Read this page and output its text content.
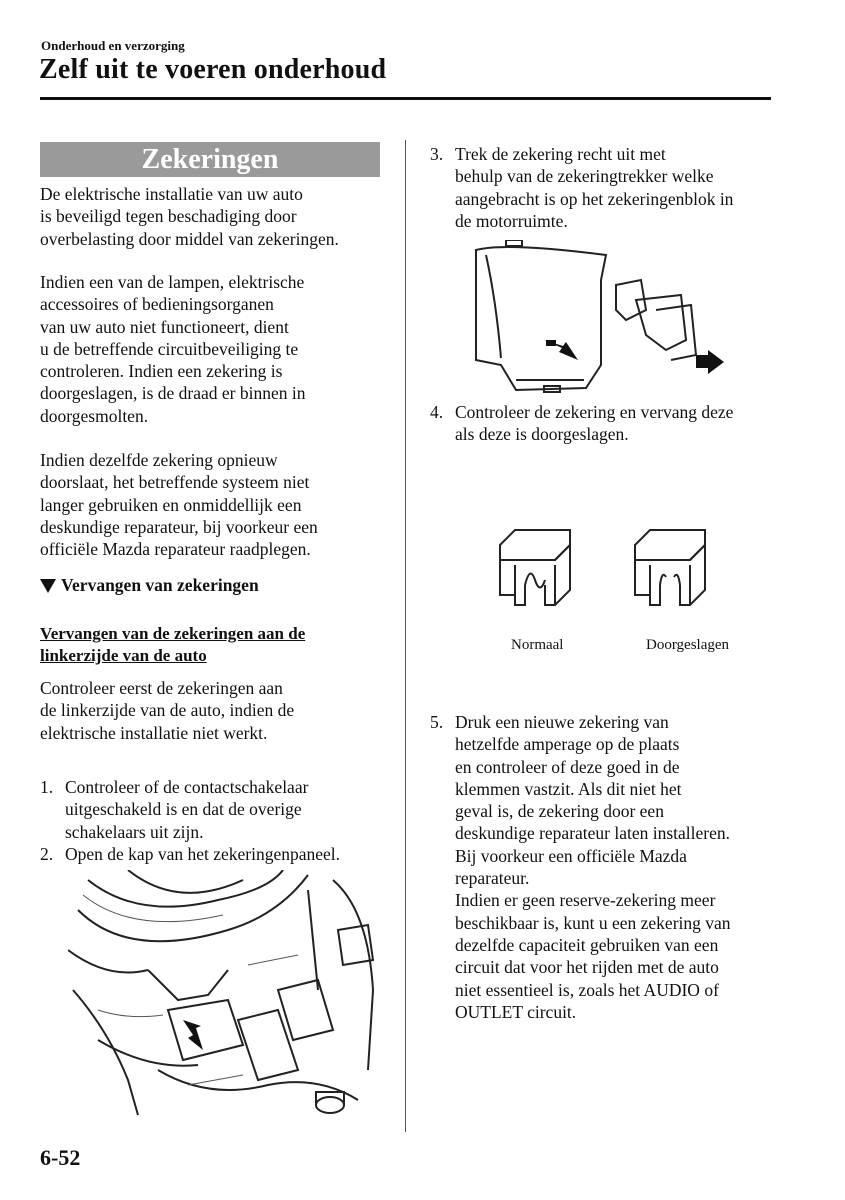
Onderhoud en verzorging
Zelf uit te voeren onderhoud
Zekeringen
De elektrische installatie van uw auto
is beveiligd tegen beschadiging door
overbelasting door middel van zekeringen.
Indien een van de lampen, elektrische
accessoires of bedieningsorganen
van uw auto niet functioneert, dient
u de betreffende circuitbeveiliging te
controleren. Indien een zekering is
doorgeslagen, is de draad er binnen in
doorgesmolten.
Indien dezelfde zekering opnieuw
doorslaat, het betreffende systeem niet
langer gebruiken en onmiddellijk een
deskundige reparateur, bij voorkeur een
officiële Mazda reparateur raadplegen.
Vervangen van zekeringen
Vervangen van de zekeringen aan de
linkerzijde van de auto
Controleer eerst de zekeringen aan
de linkerzijde van de auto, indien de
elektrische installatie niet werkt.
1. Controleer of de contactschakelaar
uitgeschakeld is en dat de overige
schakelaars uit zijn.
2. Open de kap van het zekeringenpaneel.
3. Trek de zekering recht uit met
behulp van de zekeringtrekker welke
aangebracht is op het zekeringenblok in
de motorruimte.
4. Controleer de zekering en vervang deze
als deze is doorgeslagen.
Normaal	Doorgeslagen
5. Druk een nieuwe zekering van
hetzelfde amperage op de plaats
en controleer of deze goed in de
klemmen vastzit. Als dit niet het
geval is, de zekering door een
deskundige reparateur laten installeren.
Bij voorkeur een officiële Mazda
reparateur.
Indien er geen reserve-zekering meer
beschikbaar is, kunt u een zekering van
dezelfde capaciteit gebruiken van een
circuit dat voor het rijden met de auto
niet essentieel is, zoals het AUDIO of
OUTLET circuit.
6-52
